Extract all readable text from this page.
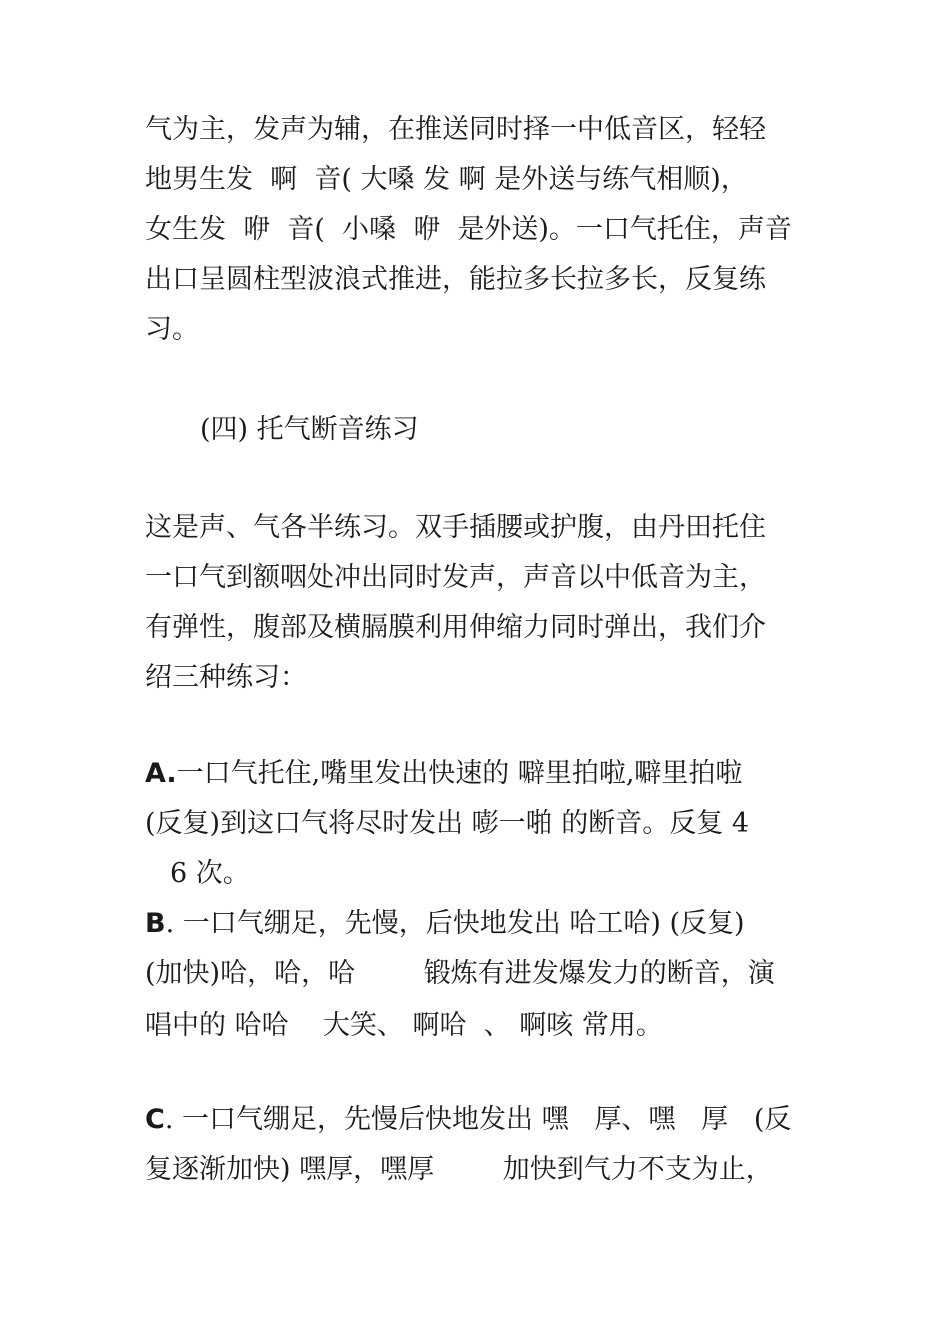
气为主，发声为辅，在推送同时择一中低音区，轻轻
地男生发  啊  音( 大嗓 发 啊 是外送与练气相顺)，
女生发  咿  音(  小嗓  咿  是外送)。一口气托住，声音
出口呈圆柱型波浪式推进，能拉多长拉多长，反复练
习。
(四) 托气断音练习
这是声、气各半练习。双手插腰或护腹，由丹田托住
一口气到额咽处冲出同时发声，声音以中低音为主，
有弹性，腹部及横膈膜利用伸缩力同时弹出，我们介
绍三种练习：
A.一口气托住,嘴里发出快速的 噼里拍啦,噼里拍啦
(反复)到这口气将尽时发出 嘭一啪 的断音。反复 4
6 次。
B. 一口气绷足，先慢，后快地发出 哈工哈) (反复)
(加快)哈，哈，哈        锻炼有进发爆发力的断音，演
唱中的 哈哈    大笑、 啊哈  、 啊咳 常用。
C. 一口气绷足，先慢后快地发出 嘿   厚、嘿   厚   (反
复逐渐加快) 嘿厚，嘿厚        加快到气力不支为止，
